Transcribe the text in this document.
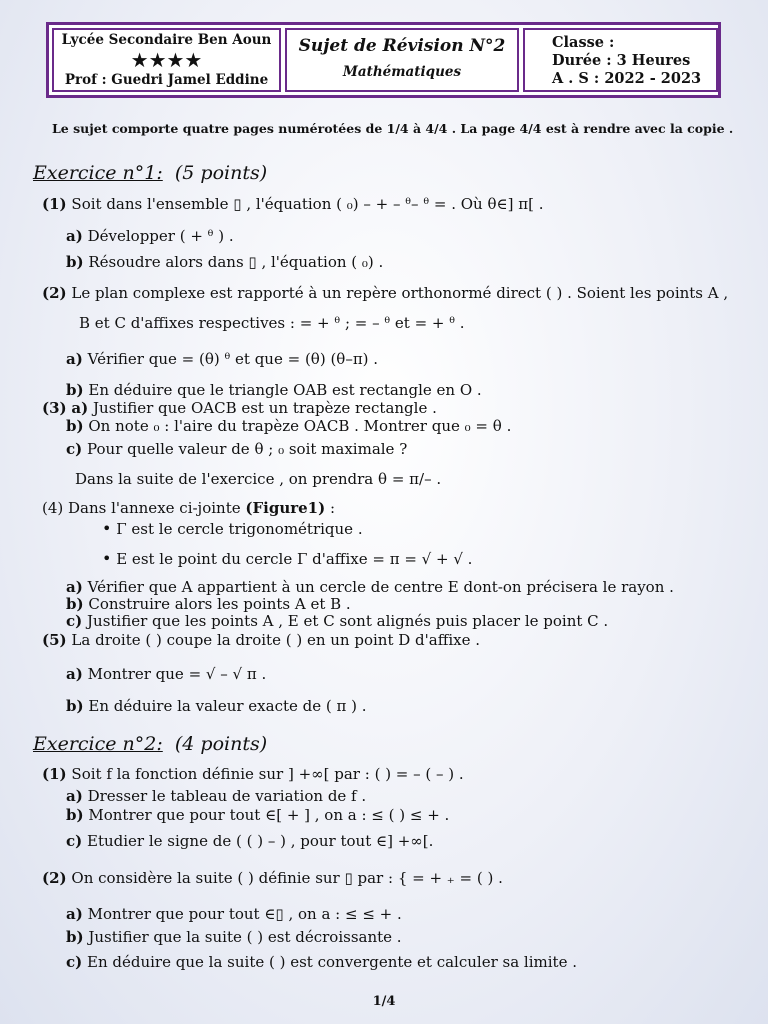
Lycée Secondaire Ben Aoun
★★★★
Prof : Guedri Jamel Eddine
Sujet de Révision N°2
Mathématiques
Classe :
Durée : 3 Heures
A . S : 2022 - 2023
Le sujet comporte quatre pages numérotées de 1/4 à 4/4 . La page 4/4 est à rendre avec la copie .
Exercice n°1: (5 points)
(1) Soit dans l'ensemble ▯ , l'équation ( ₀) – + – ᶿ– ᶿ = . Où θ∈] π[ .
a) Développer ( + ᶿ ) .
b) Résoudre alors dans ▯ , l'équation ( ₀) .
(2) Le plan complexe est rapporté à un repère orthonormé direct ( ) . Soient les points A ,
B et C d'affixes respectives : = + ᶿ ; = – ᶿ et = + ᶿ .
a) Vérifier que = (θ) ᶿ et que = (θ) (θ–π) .
b) En déduire que le triangle OAB est rectangle en O .
(3) a) Justifier que OACB est un trapèze rectangle .
b) On note ₀ : l'aire du trapèze OACB . Montrer que ₀ = θ .
c) Pour quelle valeur de θ ; ₀ soit maximale ?
Dans la suite de l'exercice , on prendra θ = π/– .
(4) Dans l'annexe ci-jointe (Figure1) :
• Γ est le cercle trigonométrique .
• E est le point du cercle Γ d'affixe = π = √ + √ .
a) Vérifier que A appartient à un cercle de centre E dont-on précisera le rayon .
b) Construire alors les points A et B .
c) Justifier que les points A , E et C sont alignés puis placer le point C .
(5) La droite ( ) coupe la droite ( ) en un point D d'affixe .
a) Montrer que = √ – √ π .
b) En déduire la valeur exacte de ( π ) .
Exercice n°2: (4 points)
(1) Soit f la fonction définie sur ] +∞[ par : ( ) = – ( – ) .
a) Dresser le tableau de variation de f .
b) Montrer que pour tout ∈[ + ] , on a : ≤ ( ) ≤ + .
c) Etudier le signe de ( ( ) – ) , pour tout ∈] +∞[.
(2) On considère la suite ( ) définie sur ▯ par : { = + ₊ = ( ) .
a) Montrer que pour tout ∈▯ , on a : ≤ ≤ + .
b) Justifier que la suite ( ) est décroissante .
c) En déduire que la suite ( ) est convergente et calculer sa limite .
1/4
